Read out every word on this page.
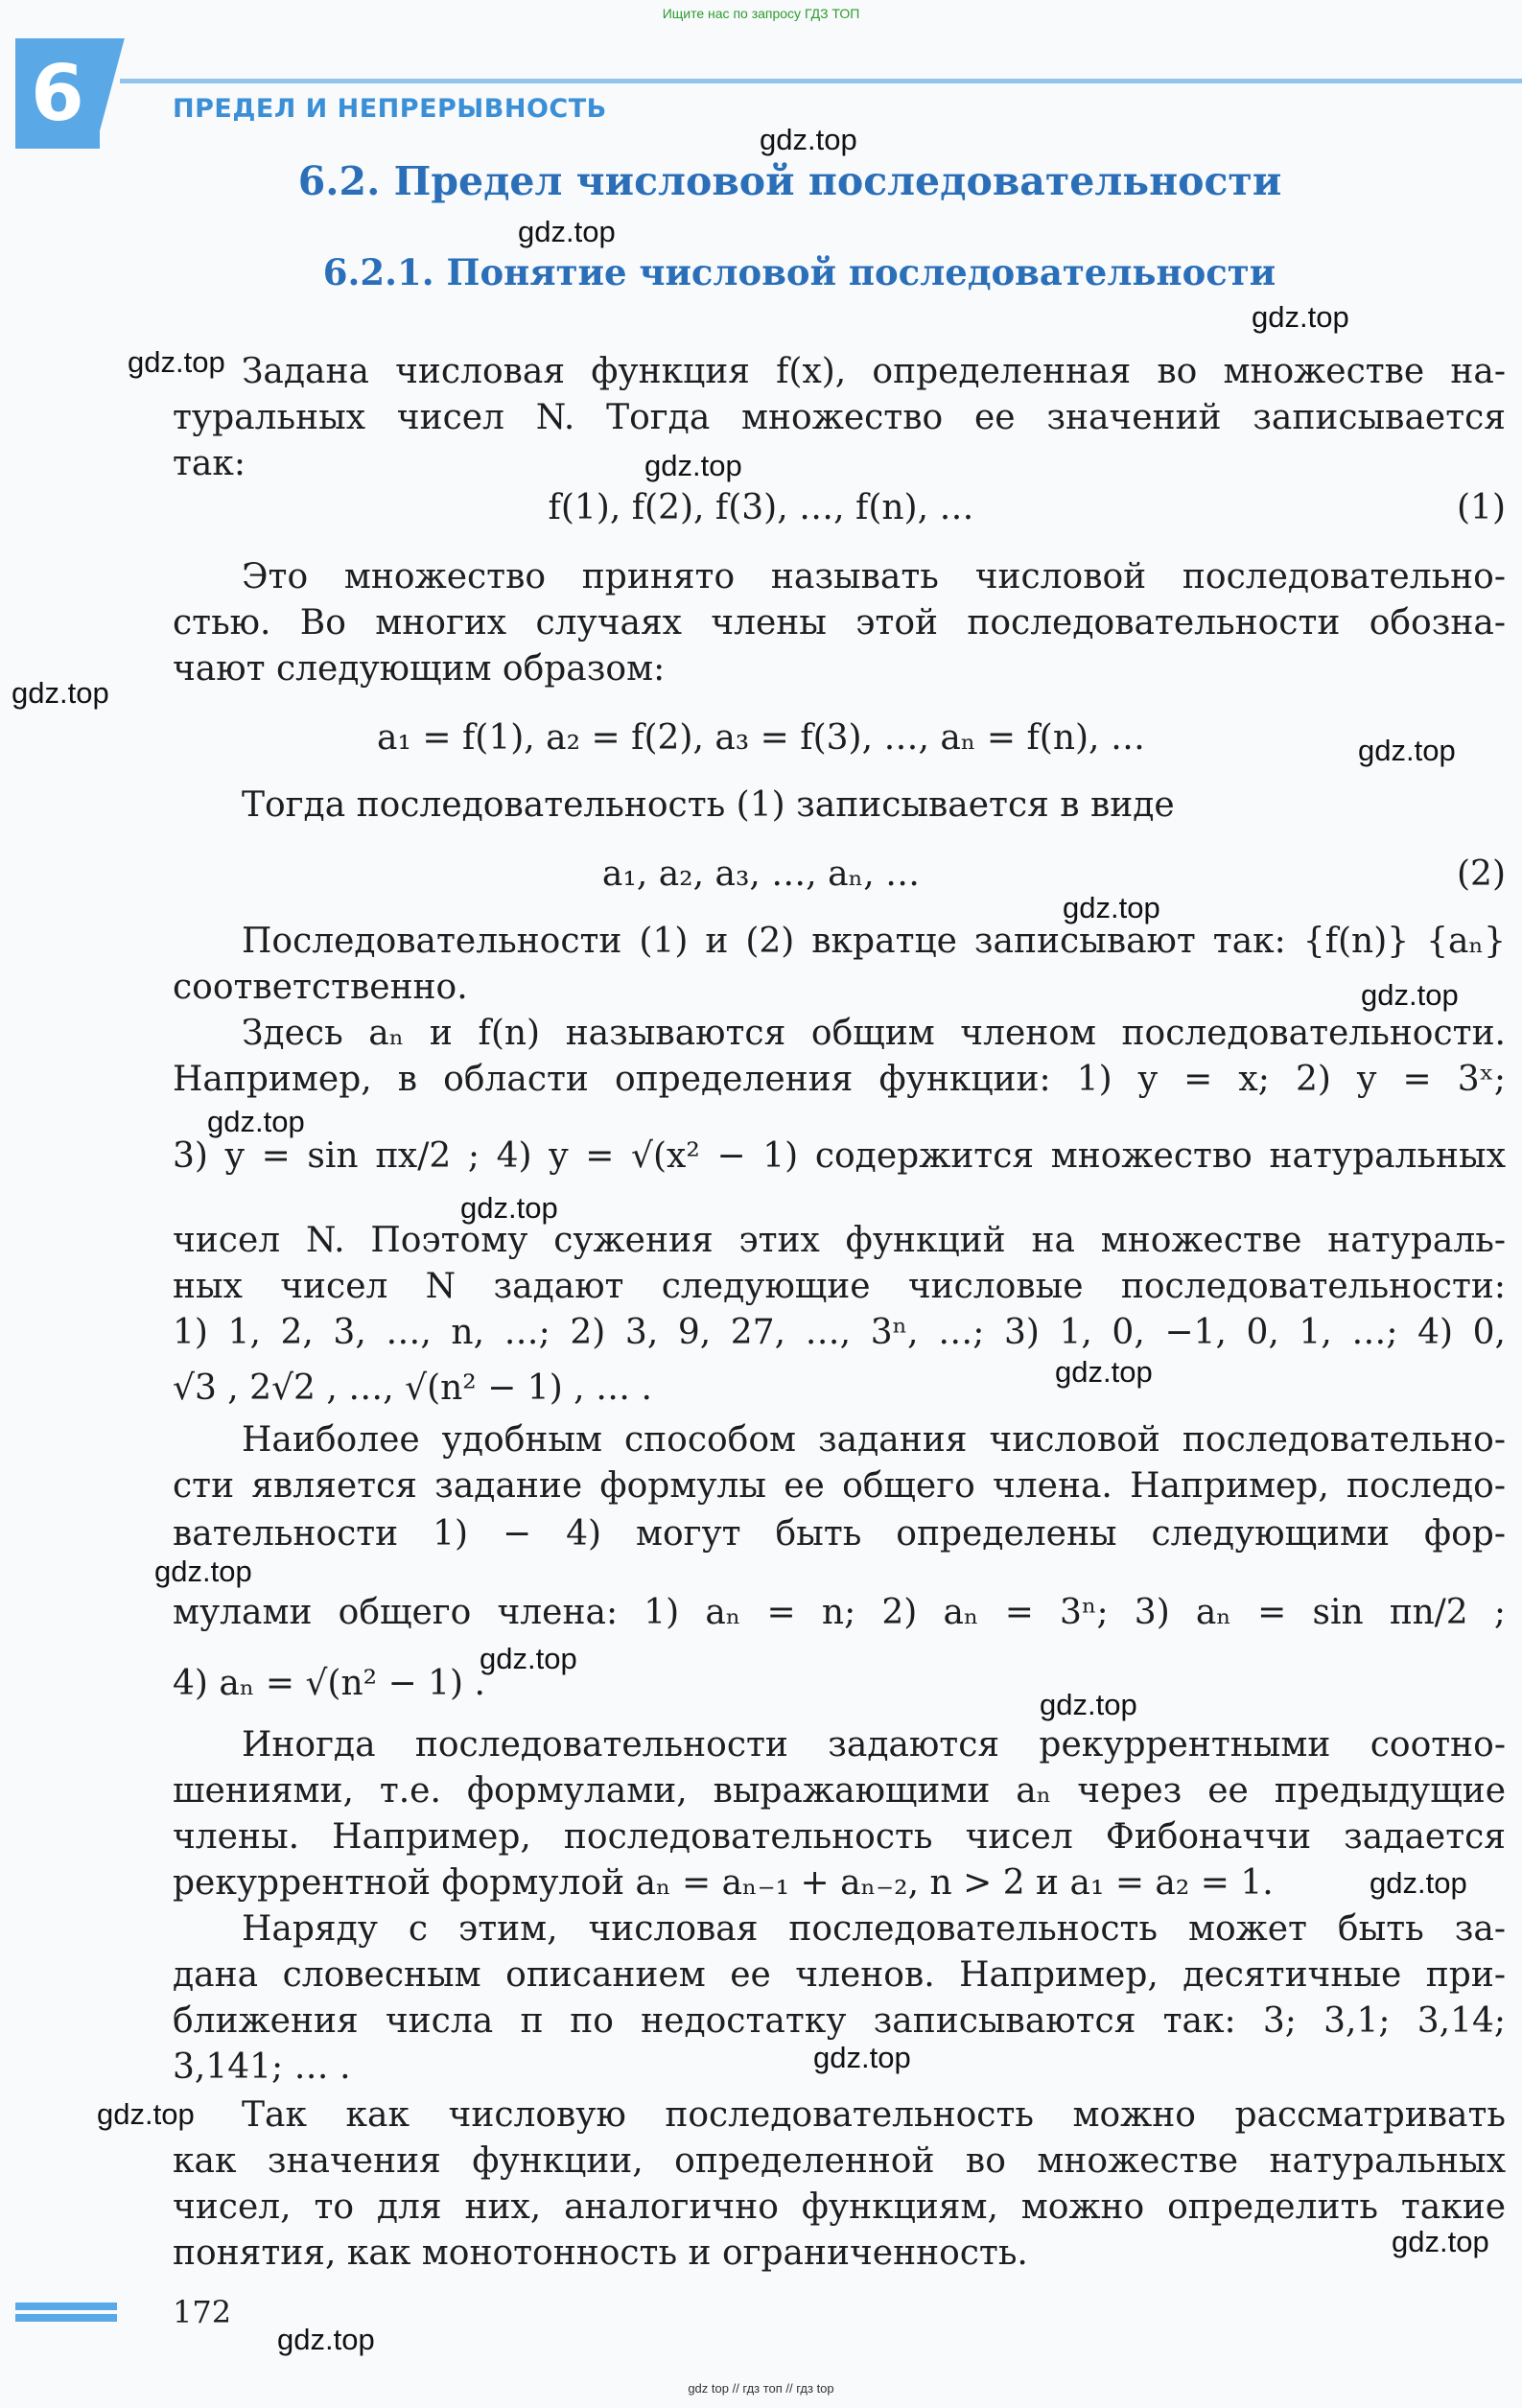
Ищите нас по запросу ГДЗ ТОП
6	ПРЕДЕЛ И НЕПРЕРЫВНОСТЬ
6.2. Предел числовой последовательности
6.2.1. Понятие числовой последовательности
Задана числовая функция f(x), определенная во множестве на-
туральных чисел N. Тогда множество ее значений записывается
так:
f(1), f(2), f(3), …, f(n), …	(1)
Это множество принято называть числовой последовательно-
стью. Во многих случаях члены этой последовательности обозна-
чают следующим образом:
a₁ = f(1), a₂ = f(2), a₃ = f(3), …, aₙ = f(n), …
Тогда последовательность (1) записывается в виде
a₁, a₂, a₃, …, aₙ, …	(2)
Последовательности (1) и (2) вкратце записывают так: {f(n)} {aₙ}
соответственно.
Здесь aₙ и f(n) называются общим членом последовательности.
Например, в области определения функции: 1) y = x; 2) y = 3ˣ;
3) y = sin πx/2 ; 4) y = √(x² − 1) содержится множество натуральных
чисел N. Поэтому сужения этих функций на множестве натураль-
ных чисел N задают следующие числовые последовательности:
1) 1, 2, 3, …, n, …; 2) 3, 9, 27, …, 3ⁿ, …; 3) 1, 0, −1, 0, 1, …; 4) 0,
√3 , 2√2 , …, √(n² − 1) , … .
Наиболее удобным способом задания числовой последовательно-
сти является задание формулы ее общего члена. Например, последо-
вательности 1) − 4) могут быть определены следующими фор-
мулами общего члена: 1) aₙ = n; 2) aₙ = 3ⁿ; 3) aₙ = sin πn/2 ;
4) aₙ = √(n² − 1) .
Иногда последовательности задаются рекуррентными соотно-
шениями, т.е. формулами, выражающими aₙ через ее предыдущие
члены. Например, последовательность чисел Фибоначчи задается
рекуррентной формулой aₙ = aₙ₋₁ + aₙ₋₂, n > 2 и a₁ = a₂ = 1.
Наряду с этим, числовая последовательность может быть за-
дана словесным описанием ее членов. Например, десятичные при-
ближения числа π по недостатку записываются так: 3; 3,1; 3,14;
3,141; … .
Так как числовую последовательность можно рассматривать
как значения функции, определенной во множестве натуральных
чисел, то для них, аналогично функциям, можно определить такие
понятия, как монотонность и ограниченность.
gdz.top
gdz.top
gdz.top
gdz.top
gdz.top
gdz.top
gdz.top
gdz.top
gdz.top
gdz.top
gdz.top
gdz.top
gdz.top
gdz.top
gdz.top
gdz.top
gdz.top
gdz.top
gdz.top
gdz.top
172
gdz top // гдз топ // гдз top
